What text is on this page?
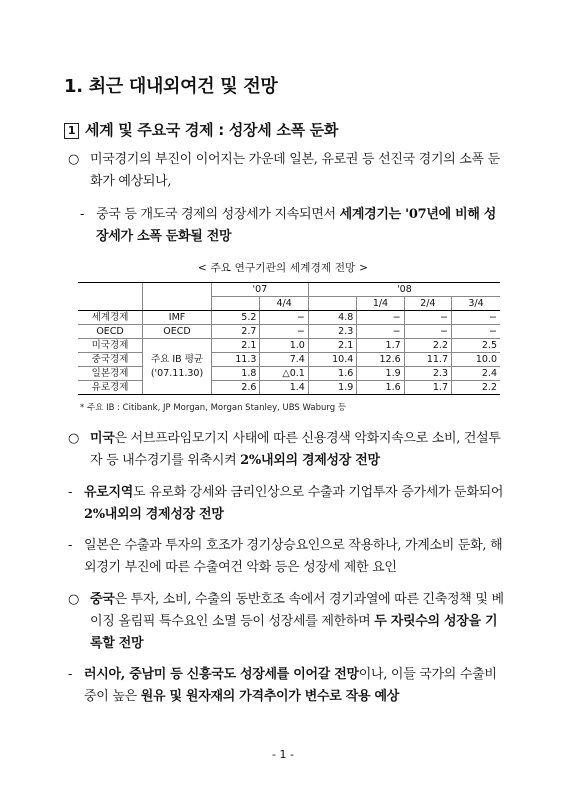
1. 최근 대내외여건 및 전망
1 세계 및 주요국 경제 : 성장세 소폭 둔화
○ 미국경기의 부진이 이어지는 가운데 일본, 유로권 등 선진국 경기의 소폭 둔화가 예상되나,
- 중국 등 개도국 경제의 성장세가 지속되면서 세계경기는 '07년에 비해 성장세가 소폭 둔화될 전망
< 주요 연구기관의 세계경제 전망 >
		'07		'08			
			4/4		1/4	2/4	3/4
세계경제	IMF	5.2	−	4.8	−	−	−
OECD	OECD	2.7	−	2.3	−	−	−
미국경제		2.1	1.0	2.1	1.7	2.2	2.5
중국경제	주요 IB 평균	11.3	7.4	10.4	12.6	11.7	10.0
일본경제	('07.11.30)	1.8	△0.1	1.6	1.9	2.3	2.4
유로경제		2.6	1.4	1.9	1.6	1.7	2.2
* 주요 IB : Citibank, JP Morgan, Morgan Stanley, UBS Waburg 등
○ 미국은 서브프라임모기지 사태에 따른 신용경색 악화지속으로 소비, 건설투자 등 내수경기를 위축시켜 2%내외의 경제성장 전망
- 유로지역도 유로화 강세와 금리인상으로 수출과 기업투자 증가세가 둔화되어 2%내외의 경제성장 전망
- 일본은 수출과 투자의 호조가 경기상승요인으로 작용하나, 가계소비 둔화, 해외경기 부진에 따른 수출여건 악화 등은 성장세 제한 요인
○ 중국은 투자, 소비, 수출의 동반호조 속에서 경기과열에 따른 긴축정책 및 베이징 올림픽 특수요인 소멸 등이 성장세를 제한하며 두 자릿수의 성장을 기록할 전망
- 러시아, 중남미 등 신흥국도 성장세를 이어갈 전망이나, 이들 국가의 수출비중이 높은 원유 및 원자재의 가격추이가 변수로 작용 예상
- 1 -
